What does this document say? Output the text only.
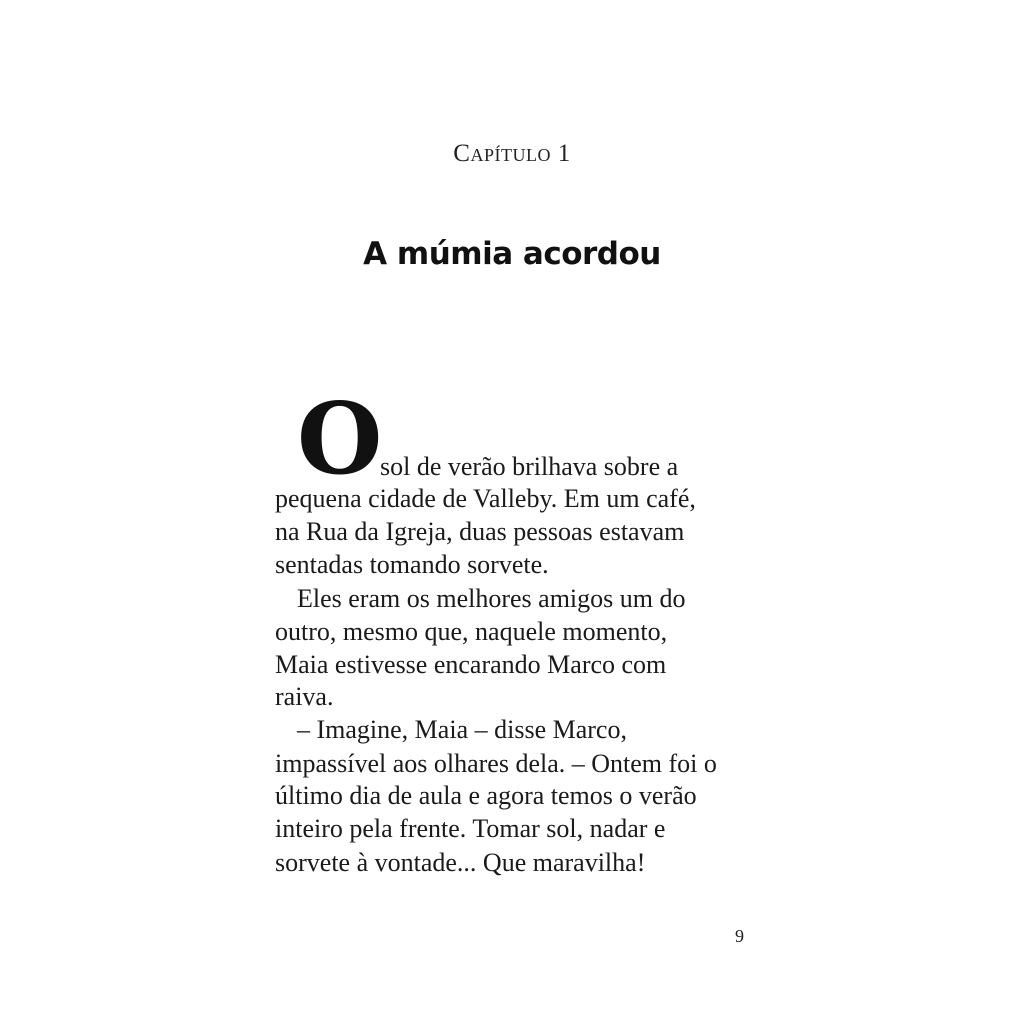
Capítulo 1
A múmia acordou
O
sol de verão brilhava sobre a
pequena cidade de Valleby. Em um café,
na Rua da Igreja, duas pessoas estavam
sentadas tomando sorvete.
Eles eram os melhores amigos um do
outro, mesmo que, naquele momento,
Maia estivesse encarando Marco com
raiva.
– Imagine, Maia – disse Marco,
impassível aos olhares dela. – Ontem foi o
último dia de aula e agora temos o verão
inteiro pela frente. Tomar sol, nadar e
sorvete à vontade... Que maravilha!
9
